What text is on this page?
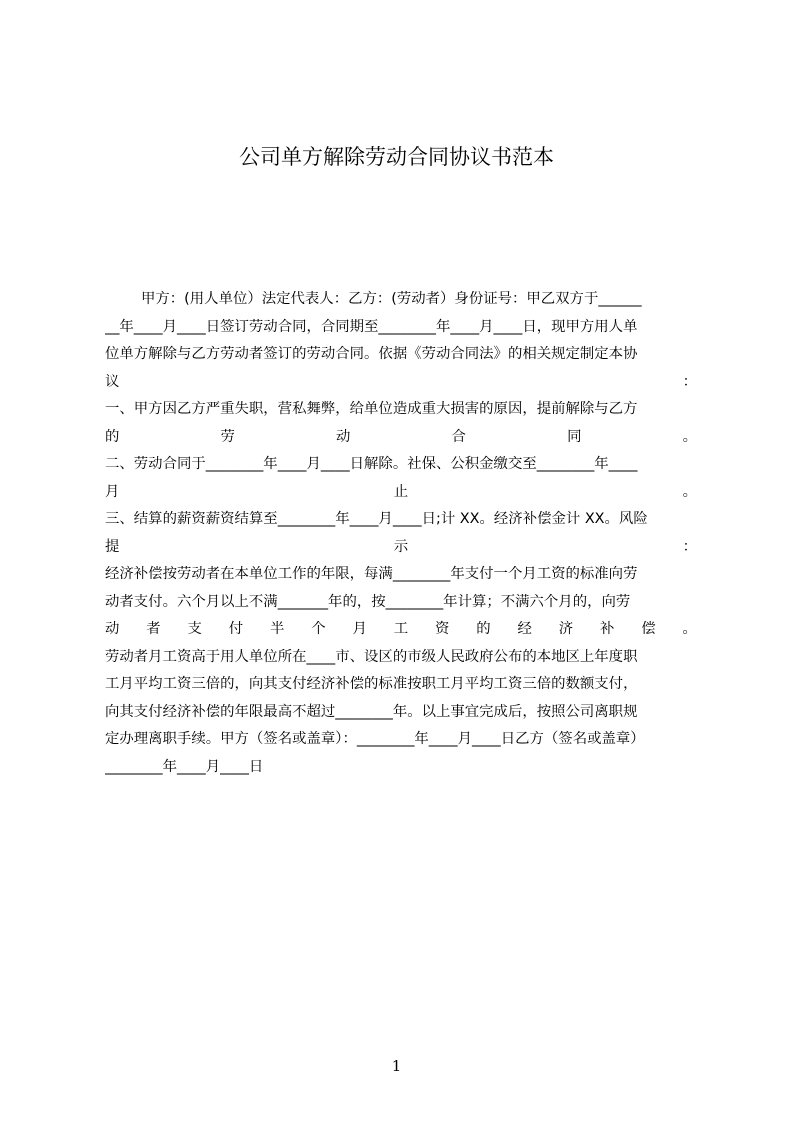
公司单方解除劳动合同协议书范本
甲方：(用人单位）法定代表人：乙方：(劳动者）身份证号：甲乙双方于______
__年____月____日签订劳动合同，合同期至________年____月____日，现甲方用人单
位单方解除与乙方劳动者签订的劳动合同。依据《劳动合同法》的相关规定制定本协
议	：
一、甲方因乙方严重失职，营私舞弊，给单位造成重大损害的原因，提前解除与乙方
的	劳	动	合	同	。
二、劳动合同于________年____月____日解除。社保、公积金缴交至________年____
月	止	。
三、结算的薪资薪资结算至________年____月____日;计 XX。经济补偿金计 XX。风险
提	示	：
经济补偿按劳动者在本单位工作的年限，每满________年支付一个月工资的标准向劳
动者支付。六个月以上不满_______年的，按________年计算；不满六个月的，向劳
动 者 支 付 半 个 月 工 资 的 经 济 补 偿 。
劳动者月工资高于用人单位所在____市、设区的市级人民政府公布的本地区上年度职
工月平均工资三倍的，向其支付经济补偿的标准按职工月平均工资三倍的数额支付，
向其支付经济补偿的年限最高不超过________年。以上事宜完成后，按照公司离职规
定办理离职手续。甲方（签名或盖章）：________年____月____日乙方（签名或盖章）
________年____月____日
1
